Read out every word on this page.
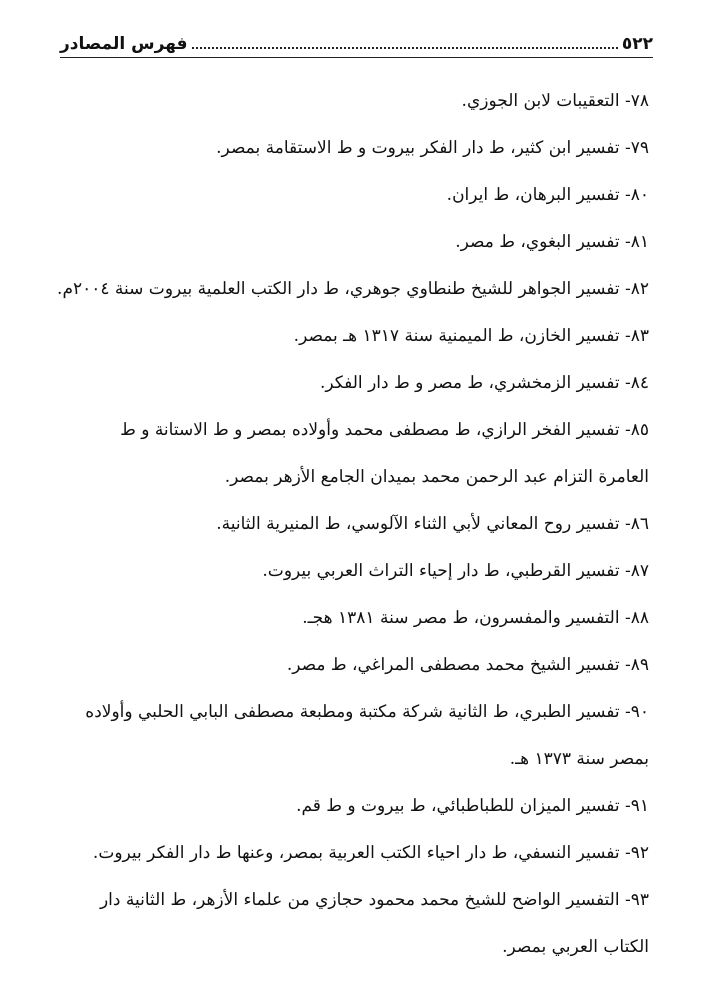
٥٢٢
فهرس المصادر
٧٨- التعقيبات لابن الجوزي.
٧٩- تفسير ابن كثير، ط دار الفكر بيروت و ط الاستقامة بمصر.
٨٠- تفسير البرهان، ط ايران.
٨١- تفسير البغوي، ط مصر.
٨٢- تفسير الجواهر للشيخ طنطاوي جوهري، ط دار الكتب العلمية بيروت سنة ٢٠٠٤م.
٨٣- تفسير الخازن، ط الميمنية سنة ١٣١٧ هـ بمصر.
٨٤- تفسير الزمخشري، ط مصر و ط دار الفكر.
٨٥- تفسير الفخر الرازي، ط مصطفى محمد وأولاده بمصر و ط الاستانة و ط
العامرة التزام عبد الرحمن محمد بميدان الجامع الأزهر بمصر.
٨٦- تفسير روح المعاني لأبي الثناء الآلوسي، ط المنيرية الثانية.
٨٧- تفسير القرطبي، ط دار إحياء التراث العربي بيروت.
٨٨- التفسير والمفسرون، ط مصر سنة ١٣٨١ هجـ.
٨٩- تفسير الشيخ محمد مصطفى المراغي، ط مصر.
٩٠- تفسير الطبري، ط الثانية شركة مكتبة ومطبعة مصطفى البابي الحلبي وأولاده
بمصر سنة ١٣٧٣ هـ.
٩١- تفسير الميزان للطباطبائي، ط بيروت و ط قم.
٩٢- تفسير النسفي، ط دار احياء الكتب العربية بمصر، وعنها ط دار الفكر بيروت.
٩٣- التفسير الواضح للشيخ محمد محمود حجازي من علماء الأزهر، ط الثانية دار
الكتاب العربي بمصر.
